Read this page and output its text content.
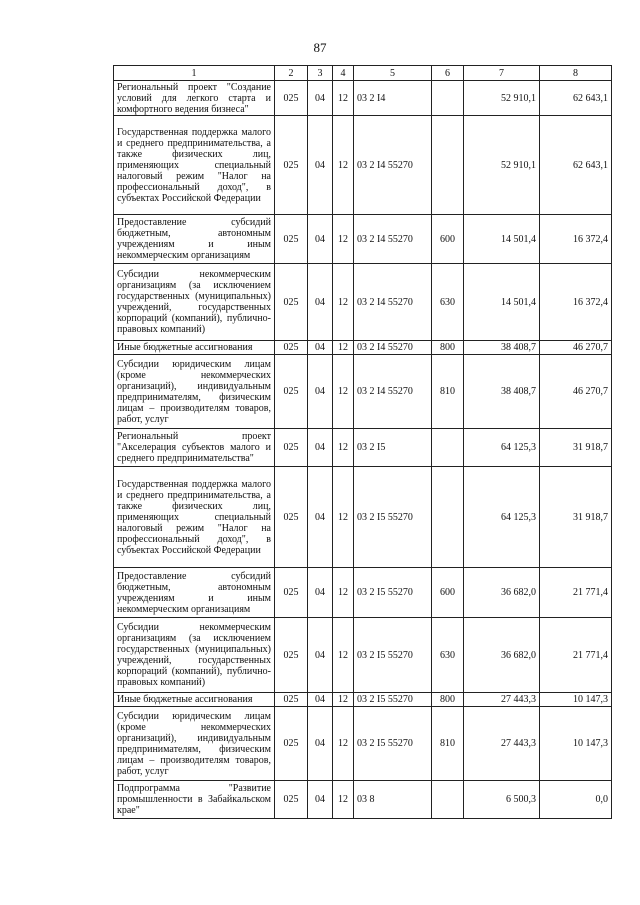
87
1	2	3	4	5	6	7	8
Региональный проект "Создание условий для легкого старта и комфортного ведения бизнеса"	025	04	12	03 2 I4		52 910,1	62 643,1
Государственная поддержка малого и среднего предпринимательства, а также физических лиц, применяющих специальный налоговый режим "Налог на профессиональный доход", в субъектах Российской Федерации	025	04	12	03 2 I4 55270		52 910,1	62 643,1
Предоставление субсидий бюджетным, автономным учреждениям и иным некоммерческим организациям	025	04	12	03 2 I4 55270	600	14 501,4	16 372,4
Субсидии некоммерческим организациям (за исключением государственных (муниципальных) учреждений, государственных корпораций (компаний), публично-правовых компаний)	025	04	12	03 2 I4 55270	630	14 501,4	16 372,4
Иные бюджетные ассигнования	025	04	12	03 2 I4 55270	800	38 408,7	46 270,7
Субсидии юридическим лицам (кроме некоммерческих организаций), индивидуальным предпринимателям, физическим лицам – производителям товаров, работ, услуг	025	04	12	03 2 I4 55270	810	38 408,7	46 270,7
Региональный проект "Акселерация субъектов малого и среднего предпринимательства"	025	04	12	03 2 I5		64 125,3	31 918,7
Государственная поддержка малого и среднего предпринимательства, а также физических лиц, применяющих специальный налоговый режим "Налог на профессиональный доход", в субъектах Российской Федерации	025	04	12	03 2 I5 55270		64 125,3	31 918,7
Предоставление субсидий бюджетным, автономным учреждениям и иным некоммерческим организациям	025	04	12	03 2 I5 55270	600	36 682,0	21 771,4
Субсидии некоммерческим организациям (за исключением государственных (муниципальных) учреждений, государственных корпораций (компаний), публично-правовых компаний)	025	04	12	03 2 I5 55270	630	36 682,0	21 771,4
Иные бюджетные ассигнования	025	04	12	03 2 I5 55270	800	27 443,3	10 147,3
Субсидии юридическим лицам (кроме некоммерческих организаций), индивидуальным предпринимателям, физическим лицам – производителям товаров, работ, услуг	025	04	12	03 2 I5 55270	810	27 443,3	10 147,3
Подпрограмма "Развитие промышленности в Забайкальском крае"	025	04	12	03 8		6 500,3	0,0
